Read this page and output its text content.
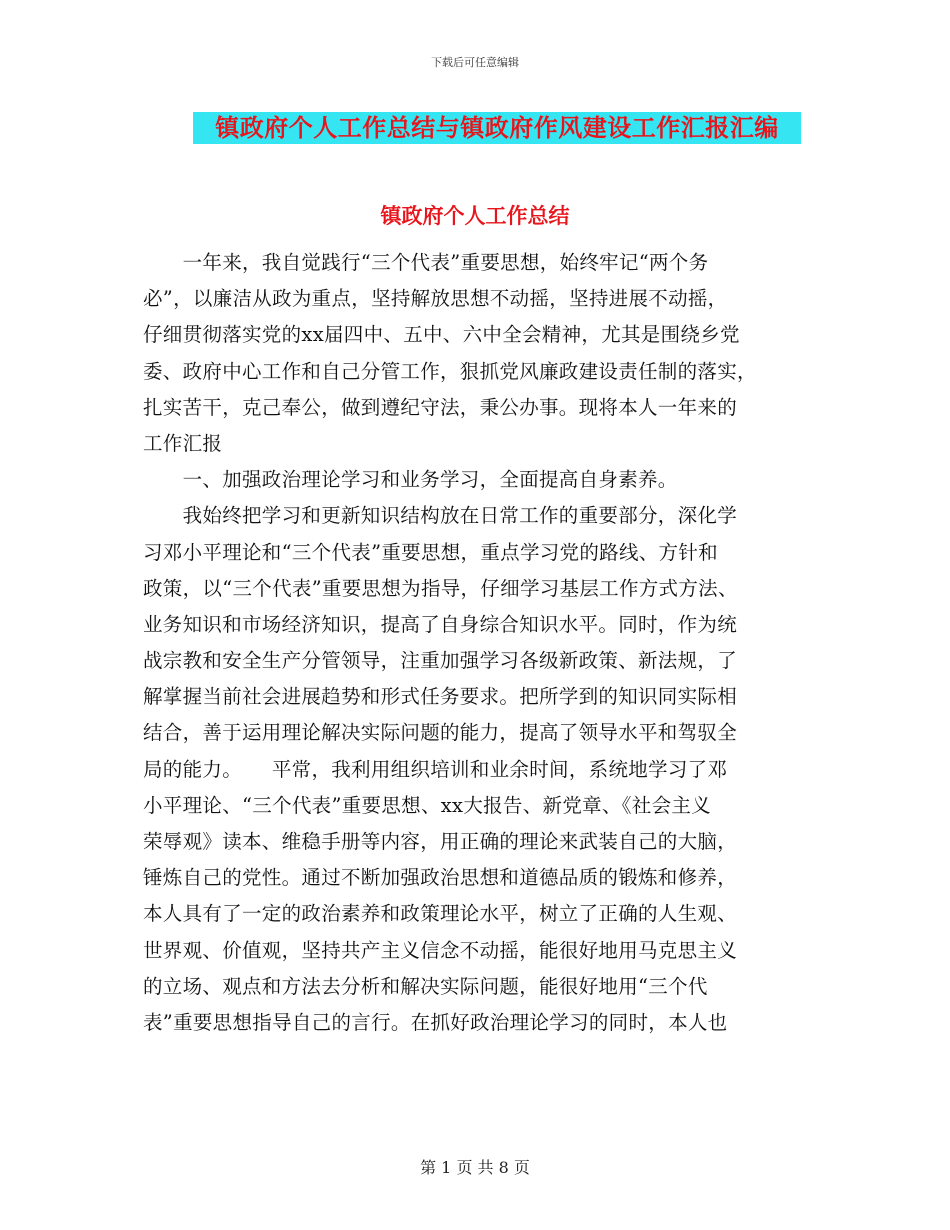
下载后可任意编辑
镇政府个人工作总结与镇政府作风建设工作汇报汇编
镇政府个人工作总结
　　一年来，我自觉践行“三个代表”重要思想，始终牢记“两个务
必”，以廉洁从政为重点，坚持解放思想不动摇，坚持进展不动摇，
仔细贯彻落实党的xx届四中、五中、六中全会精神，尤其是围绕乡党
委、政府中心工作和自己分管工作，狠抓党风廉政建设责任制的落实，
扎实苦干，克己奉公，做到遵纪守法，秉公办事。现将本人一年来的
工作汇报
　　一、加强政治理论学习和业务学习，全面提高自身素养。
　　我始终把学习和更新知识结构放在日常工作的重要部分，深化学
习邓小平理论和“三个代表”重要思想，重点学习党的路线、方针和
政策，以“三个代表”重要思想为指导，仔细学习基层工作方式方法、
业务知识和市场经济知识，提高了自身综合知识水平。同时，作为统
战宗教和安全生产分管领导，注重加强学习各级新政策、新法规，了
解掌握当前社会进展趋势和形式任务要求。把所学到的知识同实际相
结合，善于运用理论解决实际问题的能力，提高了领导水平和驾驭全
局的能力。　　平常，我利用组织培训和业余时间，系统地学习了邓
小平理论、“三个代表”重要思想、xx大报告、新党章、《社会主义
荣辱观》读本、维稳手册等内容，用正确的理论来武装自己的大脑，
锤炼自己的党性。通过不断加强政治思想和道德品质的锻炼和修养，
本人具有了一定的政治素养和政策理论水平，树立了正确的人生观、
世界观、价值观，坚持共产主义信念不动摇，能很好地用马克思主义
的立场、观点和方法去分析和解决实际问题，能很好地用“三个代
表”重要思想指导自己的言行。在抓好政治理论学习的同时，本人也
第 1 页 共 8 页
